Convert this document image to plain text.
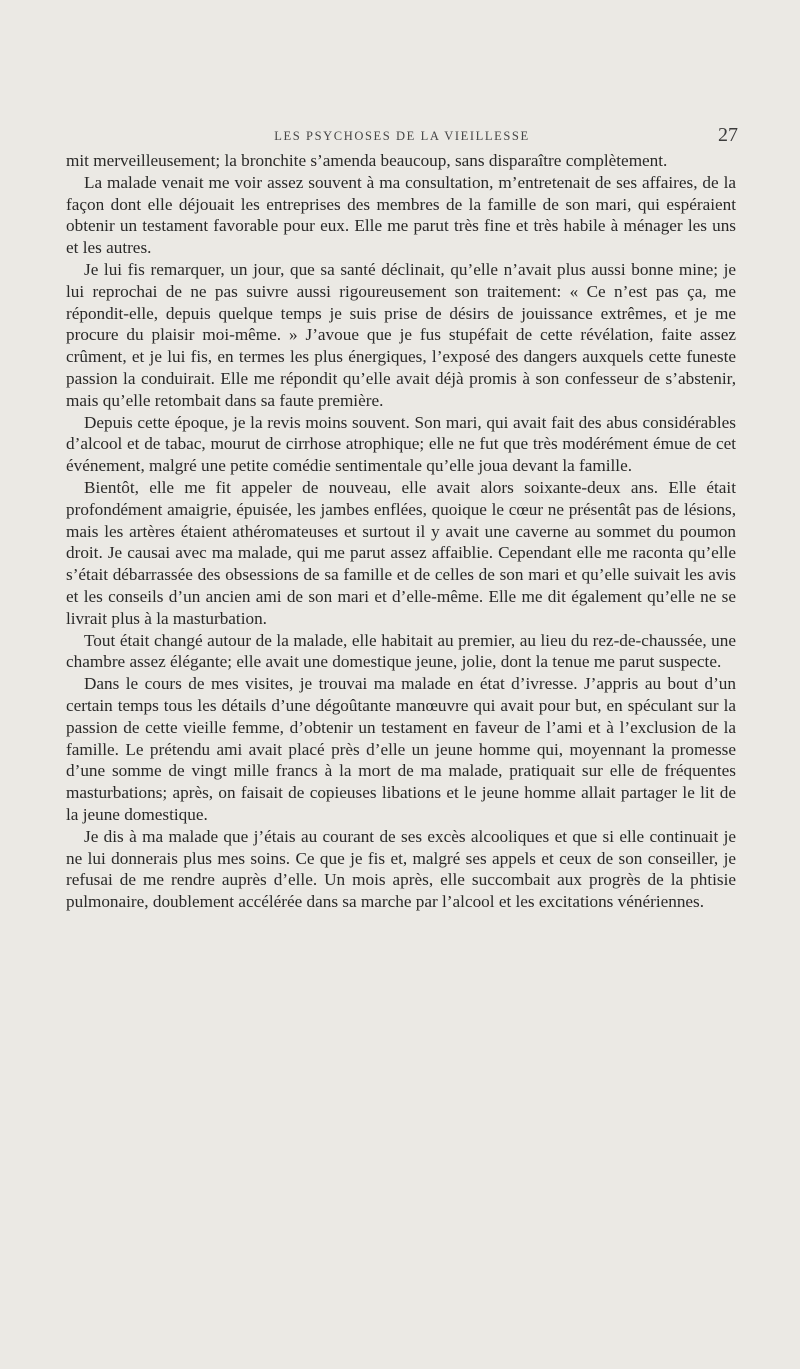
LES PSYCHOSES DE LA VIEILLESSE	27

mit merveilleusement; la bronchite s’amenda beaucoup, sans disparaître complètement.

La malade venait me voir assez souvent à ma consultation, m’entretenait de ses affaires, de la façon dont elle déjouait les entreprises des membres de la famille de son mari, qui espéraient obtenir un testament favorable pour eux. Elle me parut très fine et très habile à ménager les uns et les autres.

Je lui fis remarquer, un jour, que sa santé déclinait, qu’elle n’avait plus aussi bonne mine; je lui reprochai de ne pas suivre aussi rigoureusement son traitement: « Ce n’est pas ça, me répondit-elle, depuis quelque temps je suis prise de désirs de jouissance extrêmes, et je me procure du plaisir moi-même. » J’avoue que je fus stupéfait de cette révélation, faite assez crûment, et je lui fis, en termes les plus énergiques, l’exposé des dangers auxquels cette funeste passion la conduirait. Elle me répondit qu’elle avait déjà promis à son confesseur de s’abstenir, mais qu’elle retombait dans sa faute première.

Depuis cette époque, je la revis moins souvent. Son mari, qui avait fait des abus considérables d’alcool et de tabac, mourut de cirrhose atrophique; elle ne fut que très modérément émue de cet événement, malgré une petite comédie sentimentale qu’elle joua devant la famille.

Bientôt, elle me fit appeler de nouveau, elle avait alors soixante-deux ans. Elle était profondément amaigrie, épuisée, les jambes enflées, quoique le cœur ne présentât pas de lésions, mais les artères étaient athéromateuses et surtout il y avait une caverne au sommet du poumon droit. Je causai avec ma malade, qui me parut assez affaiblie. Cependant elle me raconta qu’elle s’était débarrassée des obsessions de sa famille et de celles de son mari et qu’elle suivait les avis et les conseils d’un ancien ami de son mari et d’elle-même. Elle me dit également qu’elle ne se livrait plus à la masturbation.

Tout était changé autour de la malade, elle habitait au premier, au lieu du rez-de-chaussée, une chambre assez élégante; elle avait une domestique jeune, jolie, dont la tenue me parut suspecte.

Dans le cours de mes visites, je trouvai ma malade en état d’ivresse. J’appris au bout d’un certain temps tous les détails d’une dégoûtante manœuvre qui avait pour but, en spéculant sur la passion de cette vieille femme, d’obtenir un testament en faveur de l’ami et à l’exclusion de la famille. Le prétendu ami avait placé près d’elle un jeune homme qui, moyennant la promesse d’une somme de vingt mille francs à la mort de ma malade, pratiquait sur elle de fréquentes masturbations; après, on faisait de copieuses libations et le jeune homme allait partager le lit de la jeune domestique.

Je dis à ma malade que j’étais au courant de ses excès alcooliques et que si elle continuait je ne lui donnerais plus mes soins. Ce que je fis et, malgré ses appels et ceux de son conseiller, je refusai de me rendre auprès d’elle. Un mois après, elle succombait aux progrès de la phtisie pulmonaire, doublement accélérée dans sa marche par l’alcool et les excitations vénériennes.
